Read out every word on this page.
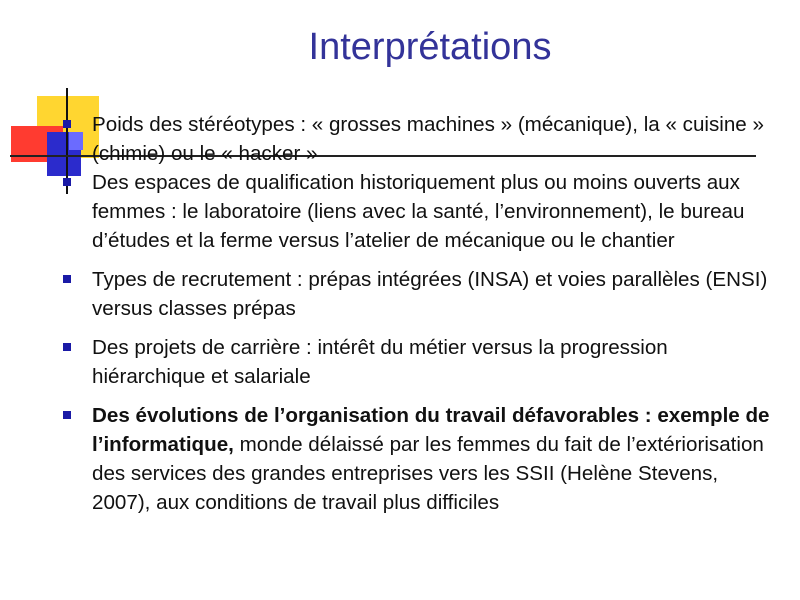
Interprétations
Poids des stéréotypes : « grosses machines » (mécanique), la « cuisine » (chimie) ou le « hacker »
Des espaces de qualification historiquement plus ou moins ouverts aux femmes : le laboratoire (liens avec la santé, l’environnement), le bureau d’études et la ferme versus l’atelier de mécanique ou le chantier
Types de recrutement : prépas intégrées (INSA) et voies parallèles (ENSI) versus classes prépas
Des projets de carrière : intérêt du métier versus la progression hiérarchique et salariale
Des évolutions de l’organisation du travail défavorables : exemple de l’informatique, monde délaissé par les femmes du fait de l’extériorisation des services des grandes entreprises vers les SSII (Helène Stevens, 2007), aux conditions de travail plus difficiles
